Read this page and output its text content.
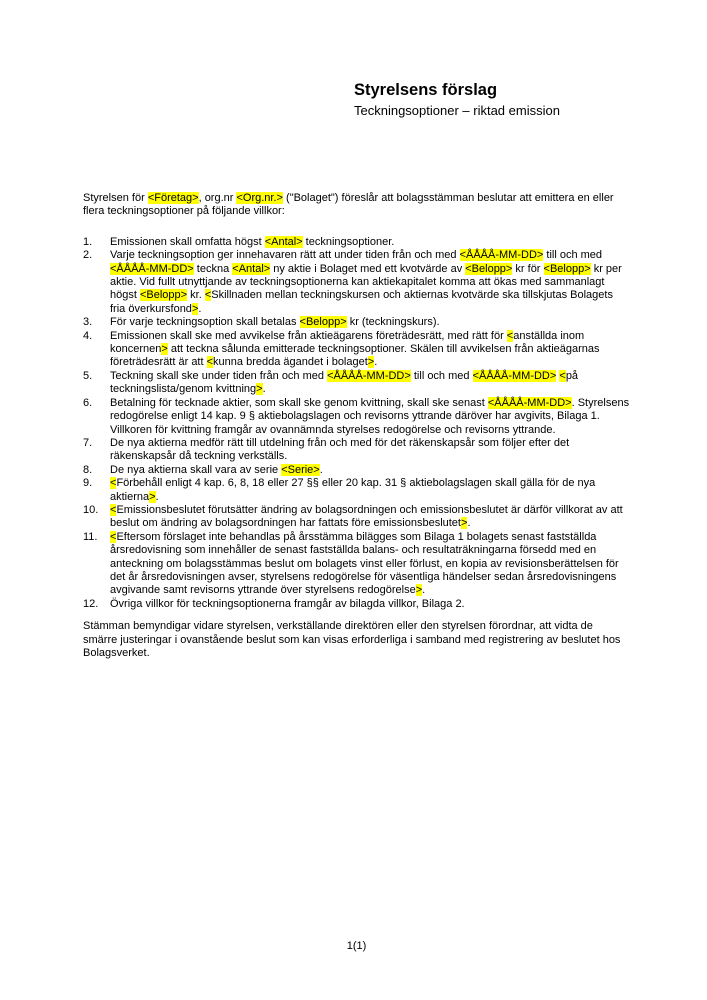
Styrelsens förslag
Teckningsoptioner – riktad emission

Styrelsen för <Företag>, org.nr <Org.nr.> ("Bolaget") föreslår att bolagsstämman beslutar att emittera en eller flera teckningsoptioner på följande villkor:

1.	Emissionen skall omfatta högst <Antal> teckningsoptioner.
2.	Varje teckningsoption ger innehavaren rätt att under tiden från och med <ÅÅÅÅ-MM-DD> till och med <ÅÅÅÅ-MM-DD> teckna <Antal> ny aktie i Bolaget med ett kvotvärde av <Belopp> kr för <Belopp> kr per aktie. Vid fullt utnyttjande av teckningsoptionerna kan aktiekapitalet komma att ökas med sammanlagt högst <Belopp> kr. <Skillnaden mellan teckningskursen och aktiernas kvotvärde ska tillskjutas Bolagets fria överkursfond>.
3.	För varje teckningsoption skall betalas <Belopp> kr (teckningskurs).
4.	Emissionen skall ske med avvikelse från aktieägarens företrädesrätt, med rätt för <anställda inom koncernen> att teckna sålunda emitterade teckningsoptioner. Skälen till avvikelsen från aktieägarnas företrädesrätt är att <kunna bredda ägandet i bolaget>.
5.	Teckning skall ske under tiden från och med <ÅÅÅÅ-MM-DD> till och med <ÅÅÅÅ-MM-DD> <på teckningslista/genom kvittning>.
6.	Betalning för tecknade aktier, som skall ske genom kvittning, skall ske senast <ÅÅÅÅ-MM-DD>. Styrelsens redogörelse enligt 14 kap. 9 § aktiebolagslagen och revisorns yttrande däröver har avgivits, Bilaga 1. Villkoren för kvittning framgår av ovannämnda styrelses redogörelse och revisorns yttrande.
7.	De nya aktierna medför rätt till utdelning från och med för det räkenskapsår som följer efter det räkenskapsår då teckning verkställs.
8.	De nya aktierna skall vara av serie <Serie>.
9.	<Förbehåll enligt 4 kap. 6, 8, 18 eller 27 §§ eller 20 kap. 31 § aktiebolagslagen skall gälla för de nya aktierna>.
10.	<Emissionsbeslutet förutsätter ändring av bolagsordningen och emissionsbeslutet är därför villkorat av att beslut om ändring av bolagsordningen har fattats före emissionsbeslutet>.
11.	<Eftersom förslaget inte behandlas på årsstämma bilägges som Bilaga 1 bolagets senast fastställda årsredovisning som innehåller de senast fastställda balans- och resultaträkningarna försedd med en anteckning om bolagsstämmas beslut om bolagets vinst eller förlust, en kopia av revisionsberättelsen för det år årsredovisningen avser, styrelsens redogörelse för väsentliga händelser sedan årsredovisningens avgivande samt revisorns yttrande över styrelsens redogörelse>.
12.	Övriga villkor för teckningsoptionerna framgår av bilagda villkor, Bilaga 2.

Stämman bemyndigar vidare styrelsen, verkställande direktören eller den styrelsen förordnar, att vidta de smärre justeringar i ovanstående beslut som kan visas erforderliga i samband med registrering av beslutet hos Bolagsverket.

1(1)
